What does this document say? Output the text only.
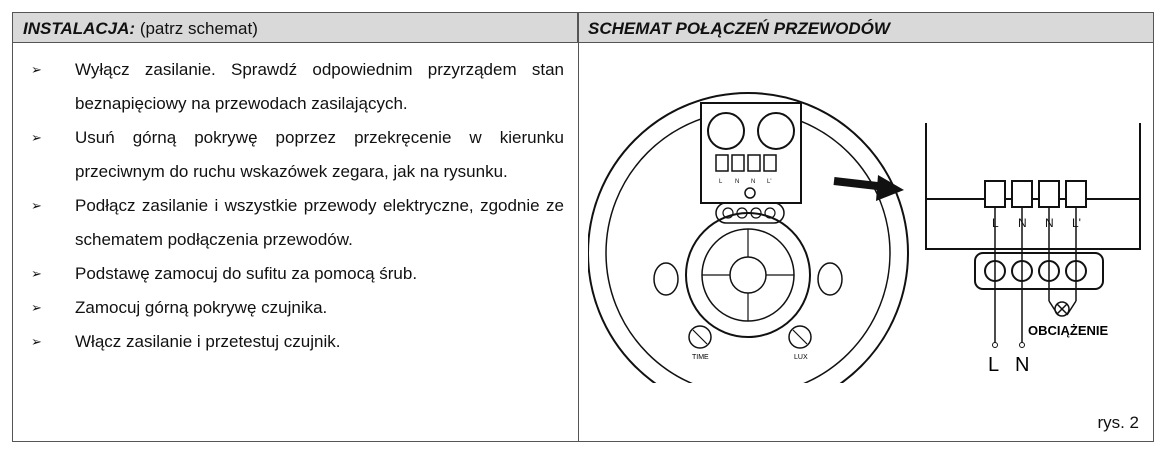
INSTALACJA: (patrz schemat)	SCHEMAT POŁĄCZEŃ PRZEWODÓW
➢ Wyłącz zasilanie. Sprawdź odpowiednim przyrządem stan beznapięciowy na przewodach zasilających.
➢ Usuń górną pokrywę poprzez przekręcenie w kierunku przeciwnym do ruchu wskazówek zegara, jak na rysunku.
➢ Podłącz zasilanie i wszystkie przewody elektryczne, zgodnie ze schematem podłączenia przewodów.
➢ Podstawę zamocuj do sufitu za pomocą śrub.
➢ Zamocuj górną pokrywę czujnika.
➢ Włącz zasilanie i przetestuj czujnik.
L N N L'
TIME	LUX
L N N L'
OBCIĄŻENIE
L N
rys. 2
